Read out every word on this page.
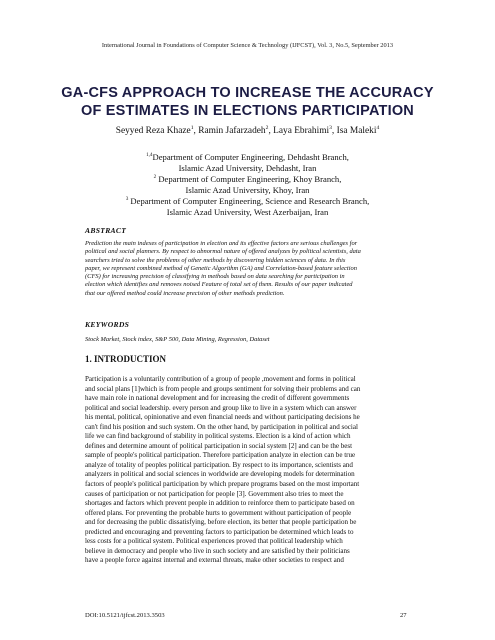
International Journal in Foundations of Computer Science & Technology (IJFCST), Vol. 3, No.5, September 2013
GA-CFS APPROACH TO INCREASE THE ACCURACY
OF ESTIMATES IN ELECTIONS PARTICIPATION
Seyyed Reza Khaze$^1$, Ramin Jafarzadeh$^2$, Laya Ebrahimi$^3$, Isa Maleki$^4$
$^{1,4}$Department of Computer Engineering, Dehdasht Branch,
Islamic Azad University, Dehdasht, Iran
$^2$ Department of Computer Engineering, Khoy Branch,
Islamic Azad University, Khoy, Iran
$^3$ Department of Computer Engineering, Science and Research Branch,
Islamic Azad University, West Azerbaijan, Iran
ABSTRACT
Prediction the main indexes of participation in election and its effective factors are serious challenges for
political and social planners. By respect to abnormal nature of offered analyzes by political scientists, data
searchers tried to solve the problems of other methods by discovering hidden sciences of data. In this
paper, we represent combined method of Genetic Algorithm (GA) and Correlation-based feature selection
(CFS) for increasing precision of classifying in methods based on data searching for participation in
election which identifies and removes noised Feature of total set of them. Results of our paper indicated
that our offered method could increase precision of other methods prediction.
KEYWORDS
Stock Market, Stock index, S&P 500, Data Mining, Regression, Dataset
1. INTRODUCTION
Participation is a voluntarily contribution of a group of people ,movement and forms in political
and social plans [1]which is from people and groups sentiment for solving their problems and can
have main role in national development and for increasing the credit of different governments
political and social leadership. every person and group like to live in a system which can answer
his mental, political, opinionative and even financial needs and without participating decisions he
can't find his position and such system. On the other hand, by participation in political and social
life we can find background of stability in political systems. Election is a kind of action which
defines and determine amount of political participation in social system [2] and can be the best
sample of people's political participation. Therefore participation analyze in election can be true
analyze of totality of peoples political participation. By respect to its importance, scientists and
analyzers in political and social sciences in worldwide are developing models for determination
factors of people's political participation by which prepare programs based on the most important
causes of participation or not participation for people [3]. Government also tries to meet the
shortages and factors which prevent people in addition to reinforce them to participate based on
offered plans. For preventing the probable hurts to government without participation of people
and for decreasing the public dissatisfying, before election, its better that people participation be
predicted and encouraging and preventing factors to participation be determined which leads to
less costs for a political system. Political experiences proved that political leadership which
believe in democracy and people who live in such society and are satisfied by their politicians
have a people force against internal and external threats, make other societies to respect and
DOI:10.5121/ijfcst.2013.3503	27
